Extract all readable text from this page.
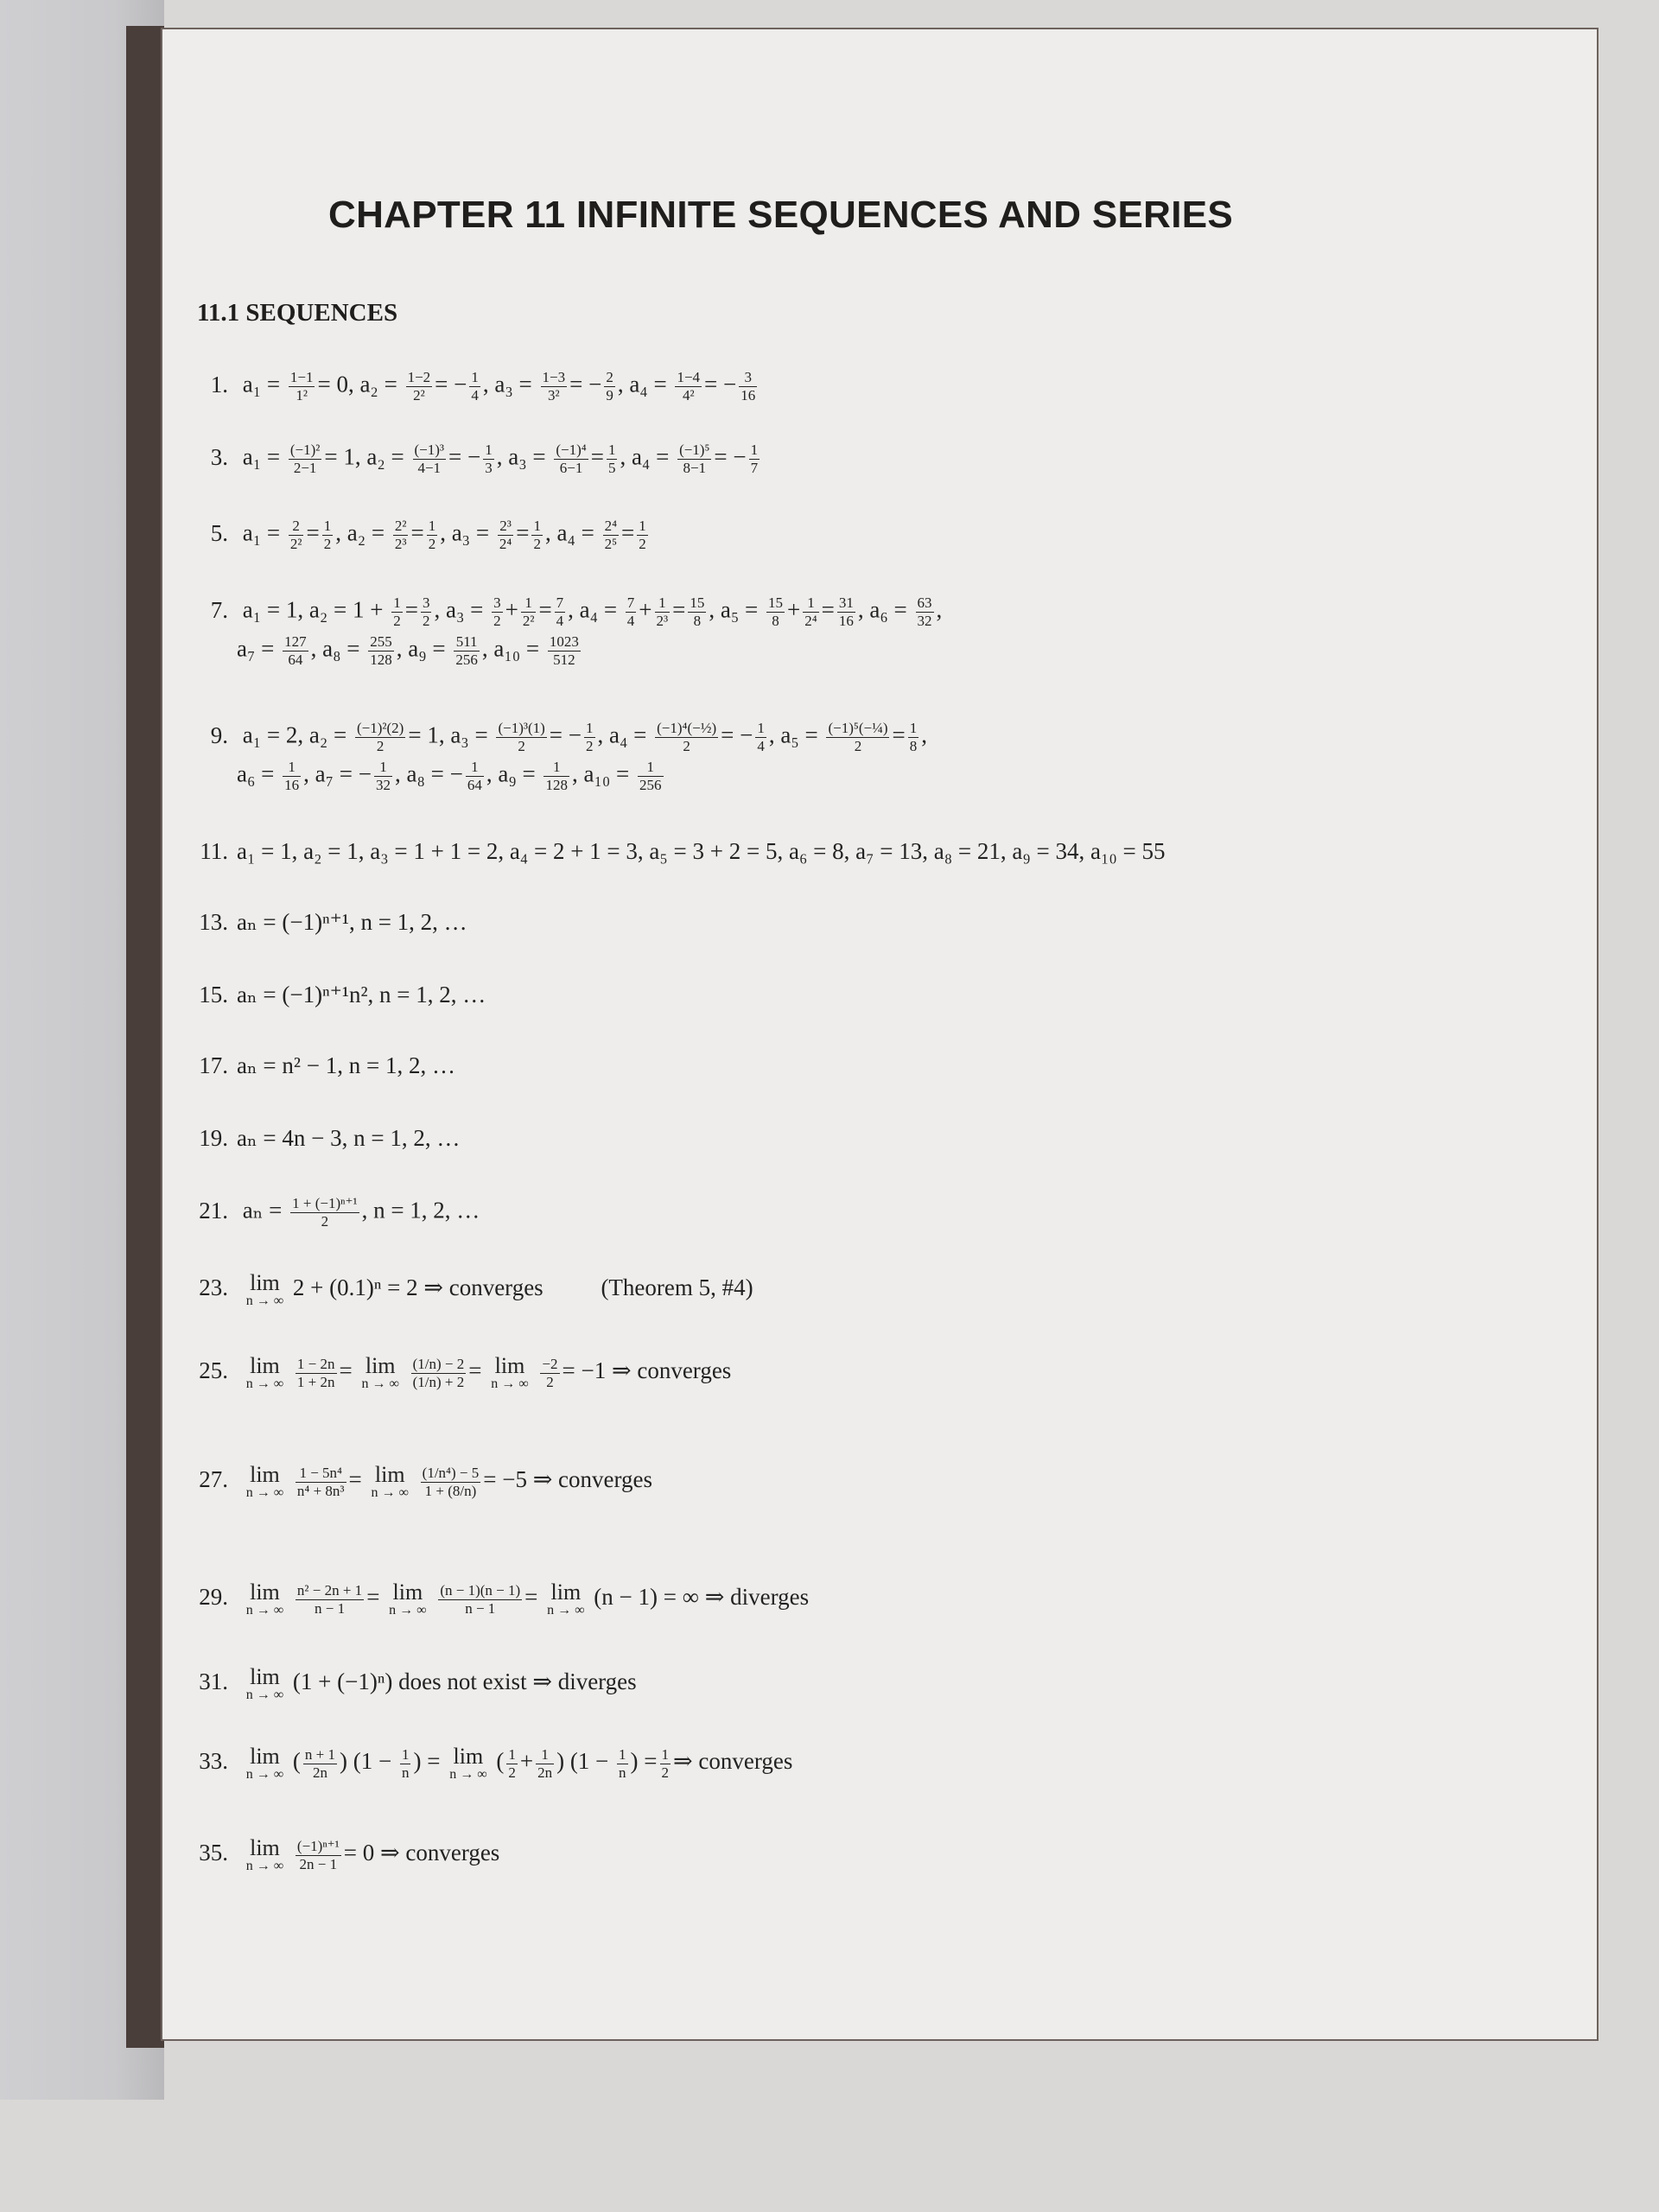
CHAPTER 11 INFINITE SEQUENCES AND SERIES
11.1 SEQUENCES
1. $a_1 = \frac{1-1}{\text{1²}} = 0$, $a_2 = \frac{1-2}{\text{2²}}$ = − $\frac{1}{4}$ , $a_3 = \frac{1-3}{\text{3²}}$ = − $\frac{2}{9}$ , $a_4 = \frac{1-4}{\text{4²}}$ = − $\frac{3}{16}$
3. $a_1 = \frac{\text{(−1)²}}{2-1} = 1$, $a_2 = \frac{\text{(−1)³}}{4-1}$ = − $\frac{1}{3}$ , $a_3 = \frac{\text{(−1)⁴}}{6-1} = \frac{1}{5}$ , $a_4 = \frac{\text{(−1)⁵}}{8-1}$ = − $\frac{1}{7}$
5. $a_1 = \frac{2}{\text{2²}} = \frac{1}{2}$ , $a_2 = \frac{\text{2²}}{\text{2³}} = \frac{1}{2}$ , $a_3 = \frac{\text{2³}}{\text{2⁴}} = \frac{1}{2}$ , $a_4 = \frac{\text{2⁴}}{\text{2⁵}} = \frac{1}{2}$
7. a₁ = 1, $a_2 = 1 + \frac{1}{2} = \frac{3}{2}$ , $a_3 = \frac{3}{2} + \frac{1}{\text{2²}} = \frac{7}{4}$ , $a_4 = \frac{7}{4} + \frac{1}{\text{2³}} = \frac{15}{8}$ , $a_5 = \frac{15}{8} + \frac{1}{\text{2⁴}} = \frac{31}{16}$ , $a_6 = \frac{63}{32}$ ,
$a_7 = \frac{127}{64}$ , $a_8 = \frac{255}{128}$ , $a_9 = \frac{511}{256}$ , $a_{10} = \frac{1023}{512}$
9. a₁ = 2, $a_2 = \frac{\text{(−1)²(2)}}{2} = 1$, $a_3 = \frac{\text{(−1)³(1)}}{2}$ = − $\frac{1}{2}$ , $a_4 = \frac{\text{(−1)⁴(−½)}}{2}$ = − $\frac{1}{4}$ , $a_5 = \frac{\text{(−1)⁵(−¼)}}{2} = \frac{1}{8}$ ,
$a_6 = \frac{1}{16}$ , a₇ = − $\frac{1}{32}$ , a₈ = − $\frac{1}{64}$ , $a_9 = \frac{1}{128}$ , $a_{10} = \frac{1}{256}$
11. a₁ = 1, a₂ = 1, a₃ = 1 + 1 = 2, a₄ = 2 + 1 = 3, a₅ = 3 + 2 = 5, a₆ = 8, a₇ = 13, a₈ = 21, a₉ = 34, a₁₀ = 55
13. aₙ = (−1)ⁿ⁺¹, n = 1, 2, …
15. aₙ = (−1)ⁿ⁺¹n², n = 1, 2, …
17. aₙ = n² − 1, n = 1, 2, …
19. aₙ = 4n − 3, n = 1, 2, …
21. $a_n = \frac{\text{1 + (−1)ⁿ⁺¹}}{2}$ , n = 1, 2, …
23. lim
n → ∞
2 + (0.1)ⁿ = 2 ⇒ converges (Theorem 5, #4)
25. lim
n → ∞
$\frac{1 - 2n}{1 + 2n} = \lim$
n → ∞
$\frac{(1/n) - 2}{(1/n) + 2} = \lim$
n → ∞
$\frac{-2}{2} = -1$ ⇒ converges
27. lim
n → ∞
$\frac{\text{1 − 5n⁴}}{\text{n⁴ + 8n³}} = \lim$
n → ∞
$\frac{\text{(1/n⁴) − 5}}{1 + (8/n)} = -5$ ⇒ converges
29. lim
n → ∞
$\frac{\text{n² − 2n + 1}}{n - 1} = \lim$
n → ∞
$\frac{(n - 1)(n - 1)}{n - 1} = \lim$
n → ∞
(n − 1) = ∞ ⇒ diverges
31. lim
n → ∞
(1 + (−1)ⁿ) does not exist ⇒ diverges
33. lim
n → ∞
( $\frac{n + 1}{2n}$ ) ($1 - \frac{1}{n}$ ) = lim
n → ∞
( $\frac{1}{2} + \frac{1}{2n}$ ) ($1 - \frac{1}{n}$ ) = $\frac{1}{2}$ ⇒ converges
35. lim
n → ∞
$\frac{\text{(−1)ⁿ⁺¹}}{2n - 1} = 0$ ⇒ converges
